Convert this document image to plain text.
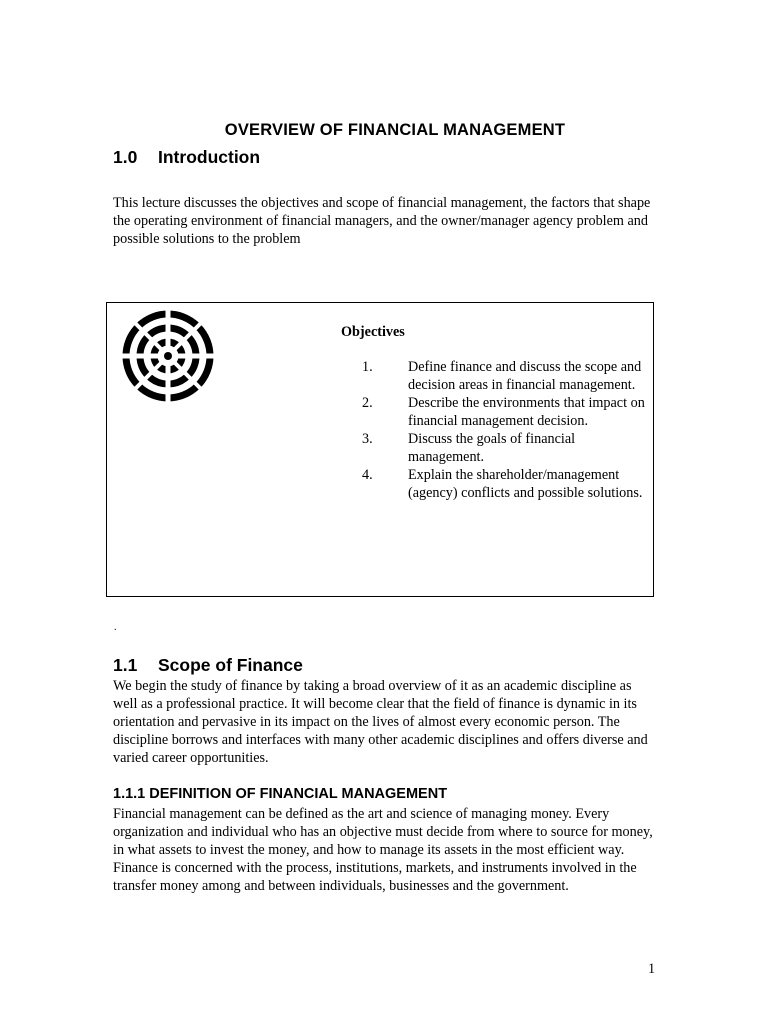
OVERVIEW OF FINANCIAL MANAGEMENT
1.0 Introduction

This lecture discusses the objectives and scope of financial management, the factors that shape the operating environment of financial managers, and the owner/manager agency problem and possible solutions to the problem

Objectives
1. Define finance and discuss the scope and decision areas in financial management.
2. Describe the environments that impact on financial management decision.
3. Discuss the goals of financial management.
4. Explain the shareholder/management (agency) conflicts and possible solutions.
.
1.1 Scope of Finance

We begin the study of finance by taking a broad overview of it as an academic discipline as well as a professional practice. It will become clear that the field of finance is dynamic in its orientation and pervasive in its impact on the lives of almost every economic person. The discipline borrows and interfaces with many other academic disciplines and offers diverse and varied career opportunities.

1.1.1 DEFINITION OF FINANCIAL MANAGEMENT

Financial management can be defined as the art and science of managing money. Every organization and individual who has an objective must decide from where to source for money, in what assets to invest the money, and how to manage its assets in the most efficient way. Finance is concerned with the process, institutions, markets, and instruments involved in the transfer money among and between individuals, businesses and the government.

1
